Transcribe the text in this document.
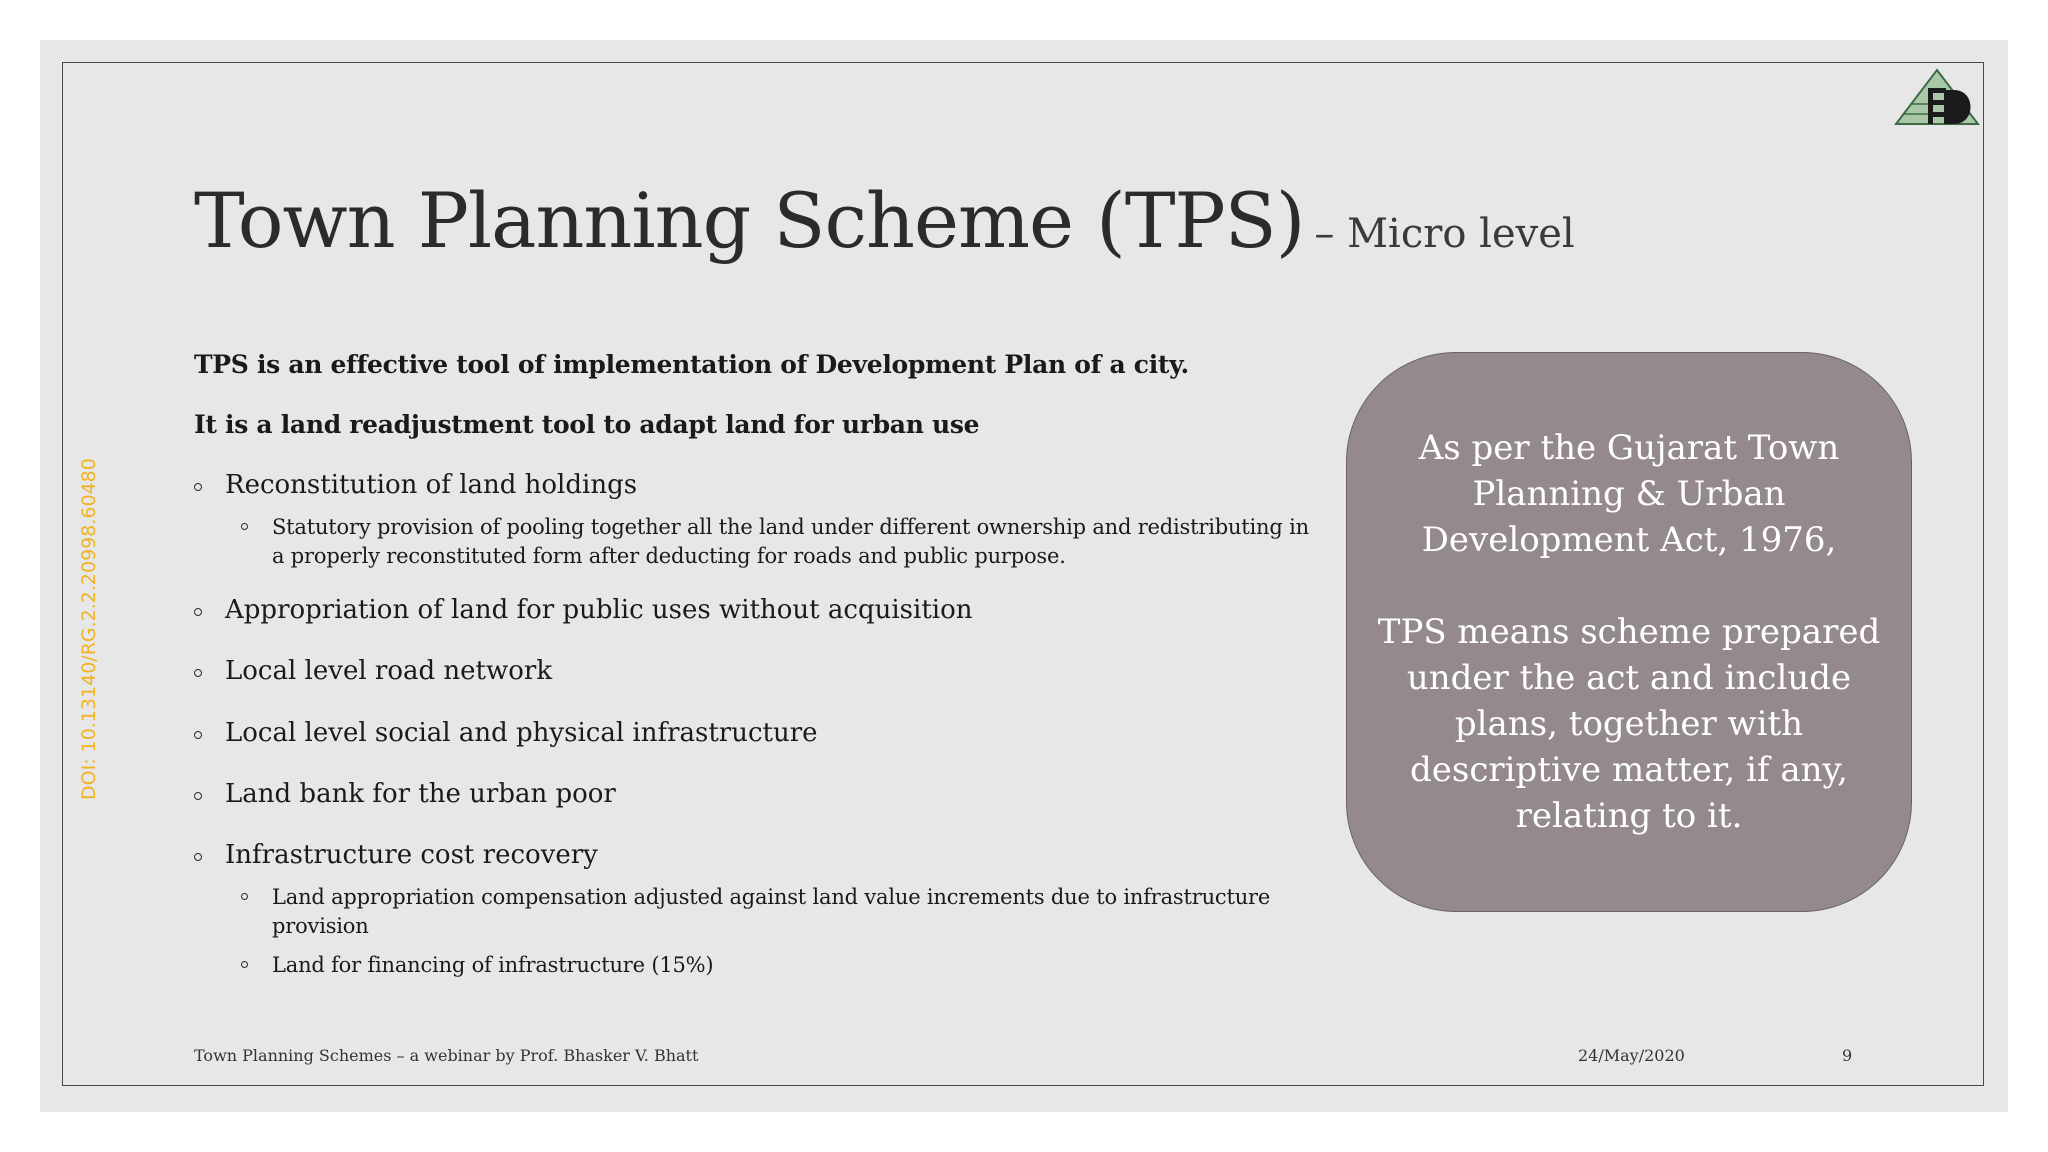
DOI: 10.13140/RG.2.2.20998.60480
Town Planning Scheme (TPS) – Micro level

TPS is an effective tool of implementation of Development Plan of a city.

It is a land readjustment tool to adapt land for urban use

Reconstitution of land holdings

Statutory provision of pooling together all the land under different ownership and redistributing in a properly reconstituted form after deducting for roads and public purpose.

Appropriation of land for public uses without acquisition

Local level road network

Local level social and physical infrastructure

Land bank for the urban poor

Infrastructure cost recovery

Land appropriation compensation adjusted against land value increments due to infrastructure provision

Land for financing of infrastructure (15%)

As per the Gujarat Town Planning & Urban Development Act, 1976,

TPS means scheme prepared under the act and include plans, together with descriptive matter, if any, relating to it.

Town Planning Schemes – a webinar by Prof. Bhasker V. Bhatt	24/May/2020	9
